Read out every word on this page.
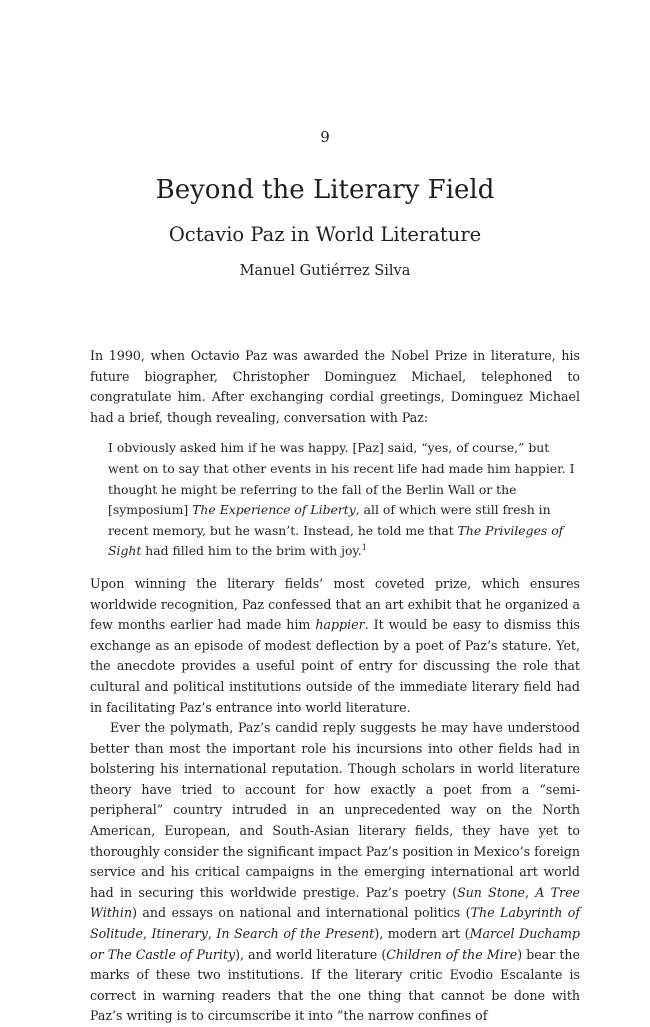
9
Beyond the Literary Field
Octavio Paz in World Literature
Manuel Gutiérrez Silva

In 1990, when Octavio Paz was awarded the Nobel Prize in literature, his future biographer, Christopher Dominguez Michael, telephoned to congratulate him. After exchanging cordial greetings, Dominguez Michael had a brief, though revealing, conversation with Paz:

I obviously asked him if he was happy. [Paz] said, “yes, of course,” but went on to say that other events in his recent life had made him happier. I thought he might be referring to the fall of the Berlin Wall or the [symposium] The Experience of Liberty, all of which were still fresh in recent memory, but he wasn’t. Instead, he told me that The Privileges of Sight had filled him to the brim with joy.$^1$

Upon winning the literary fields’ most coveted prize, which ensures worldwide recognition, Paz confessed that an art exhibit that he organized a few months earlier had made him happier. It would be easy to dismiss this exchange as an episode of modest deflection by a poet of Paz’s stature. Yet, the anecdote provides a useful point of entry for discussing the role that cultural and political institutions outside of the immediate literary field had in facilitating Paz’s entrance into world literature.

Ever the polymath, Paz’s candid reply suggests he may have understood better than most the important role his incursions into other fields had in bolstering his international reputation. Though scholars in world literature theory have tried to account for how exactly a poet from a “semi-peripheral” country intruded in an unprecedented way on the North American, European, and South-Asian literary fields, they have yet to thoroughly consider the significant impact Paz’s position in Mexico’s foreign service and his critical campaigns in the emerging international art world had in securing this worldwide prestige. Paz’s poetry (Sun Stone, A Tree Within) and essays on national and international politics (The Labyrinth of Solitude, Itinerary, In Search of the Present), modern art (Marcel Duchamp or The Castle of Purity), and world literature (Children of the Mire) bear the marks of these two institutions. If the literary critic Evodio Escalante is correct in warning readers that the one thing that cannot be done with Paz’s writing is to circumscribe it into “the narrow confines of
